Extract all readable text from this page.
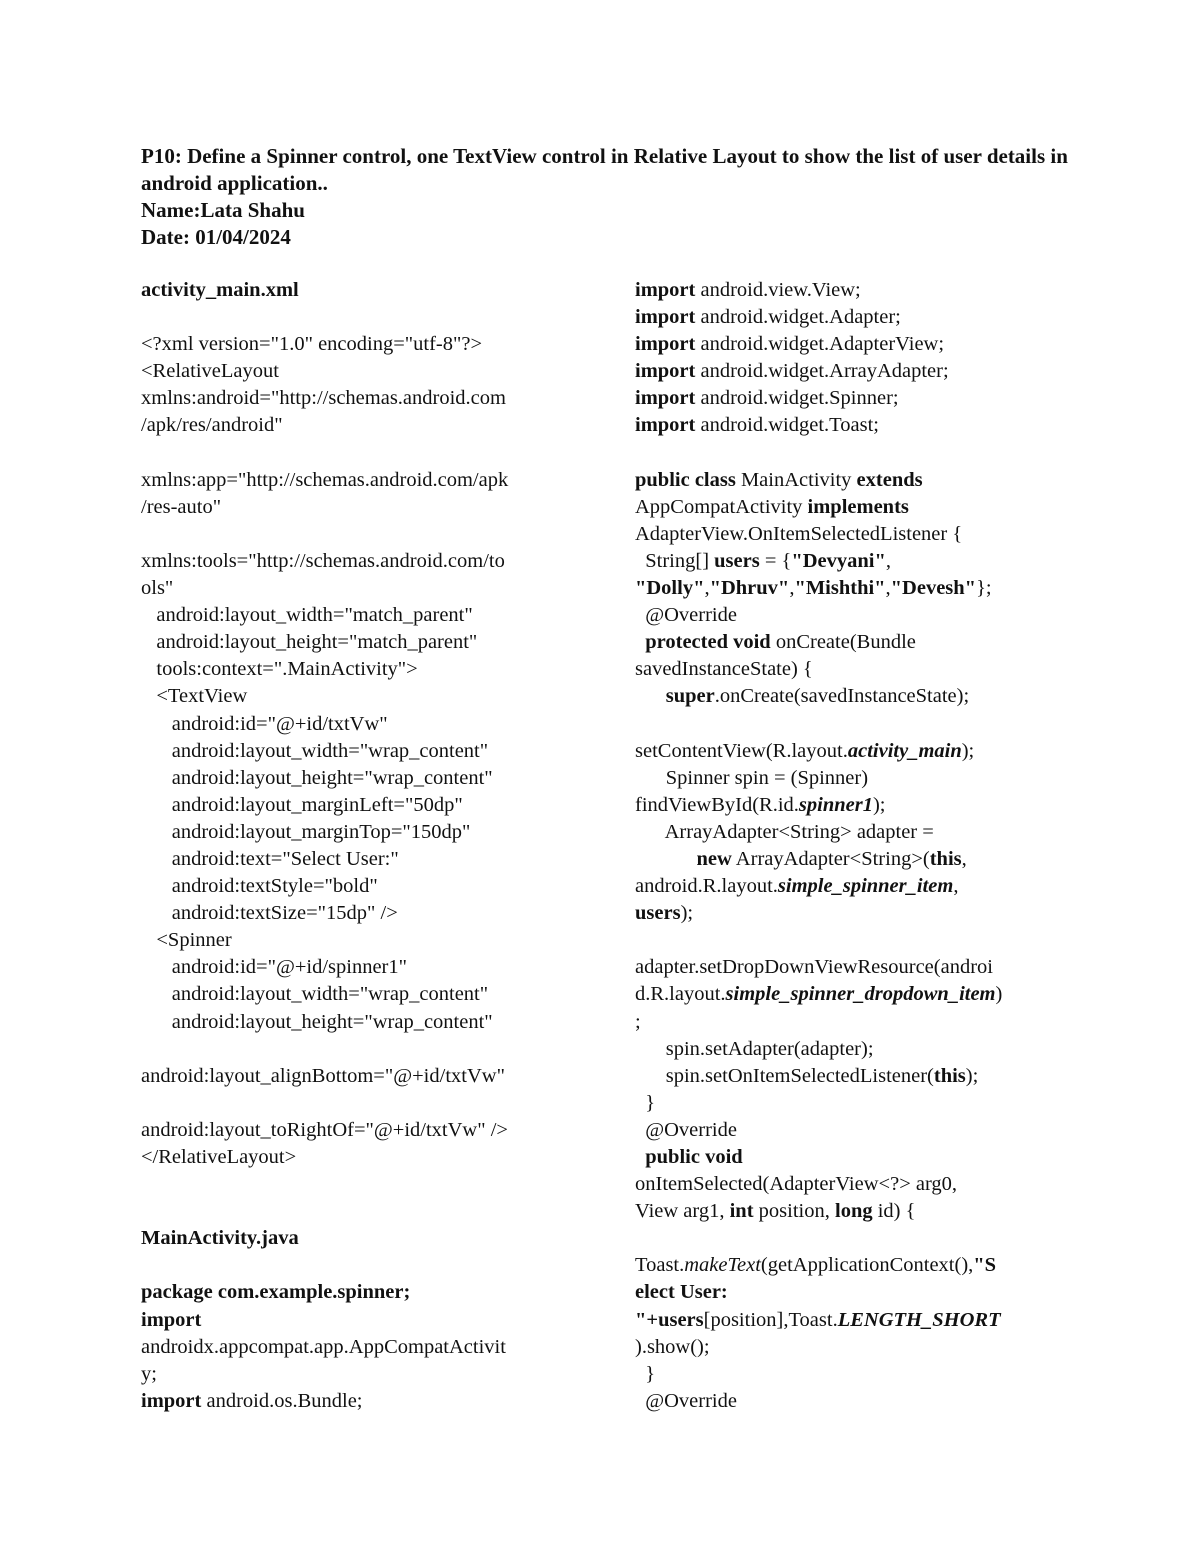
P10: Define a Spinner control, one TextView control in Relative Layout to show the list of user details in android application..
Name:Lata Shahu
Date: 01/04/2024
activity_main.xml

<?xml version="1.0" encoding="utf-8"?>
<RelativeLayout
xmlns:android="http://schemas.android.com
/apk/res/android"

xmlns:app="http://schemas.android.com/apk
/res-auto"

xmlns:tools="http://schemas.android.com/to
ols"
android:layout_width="match_parent"
android:layout_height="match_parent"
tools:context=".MainActivity">
<TextView
android:id="@+id/txtVw"
android:layout_width="wrap_content"
android:layout_height="wrap_content"
android:layout_marginLeft="50dp"
android:layout_marginTop="150dp"
android:text="Select User:"
android:textStyle="bold"
android:textSize="15dp" />
<Spinner
android:id="@+id/spinner1"
android:layout_width="wrap_content"
android:layout_height="wrap_content"

android:layout_alignBottom="@+id/txtVw"

android:layout_toRightOf="@+id/txtVw" />
</RelativeLayout>

MainActivity.java

package com.example.spinner;
import
androidx.appcompat.app.AppCompatActivit
y;
import android.os.Bundle;
import android.view.View;
import android.widget.Adapter;
import android.widget.AdapterView;
import android.widget.ArrayAdapter;
import android.widget.Spinner;
import android.widget.Toast;

public class MainActivity extends
AppCompatActivity implements
AdapterView.OnItemSelectedListener {
String[] users = {"Devyani",
"Dolly","Dhruv","Mishthi","Devesh"};
@Override
protected void onCreate(Bundle
savedInstanceState) {
super.onCreate(savedInstanceState);

setContentView(R.layout.activity_main);
Spinner spin = (Spinner)
findViewById(R.id.spinner1);
ArrayAdapter<String> adapter =
new ArrayAdapter<String>(this,
android.R.layout.simple_spinner_item,
users);

adapter.setDropDownViewResource(androi
d.R.layout.simple_spinner_dropdown_item)
;
spin.setAdapter(adapter);
spin.setOnItemSelectedListener(this);
}
@Override
public void
onItemSelected(AdapterView<?> arg0,
View arg1, int position, long id) {

Toast.makeText(getApplicationContext(),"S
elect User:
"+users[position],Toast.LENGTH_SHORT
).show();
}
@Override
